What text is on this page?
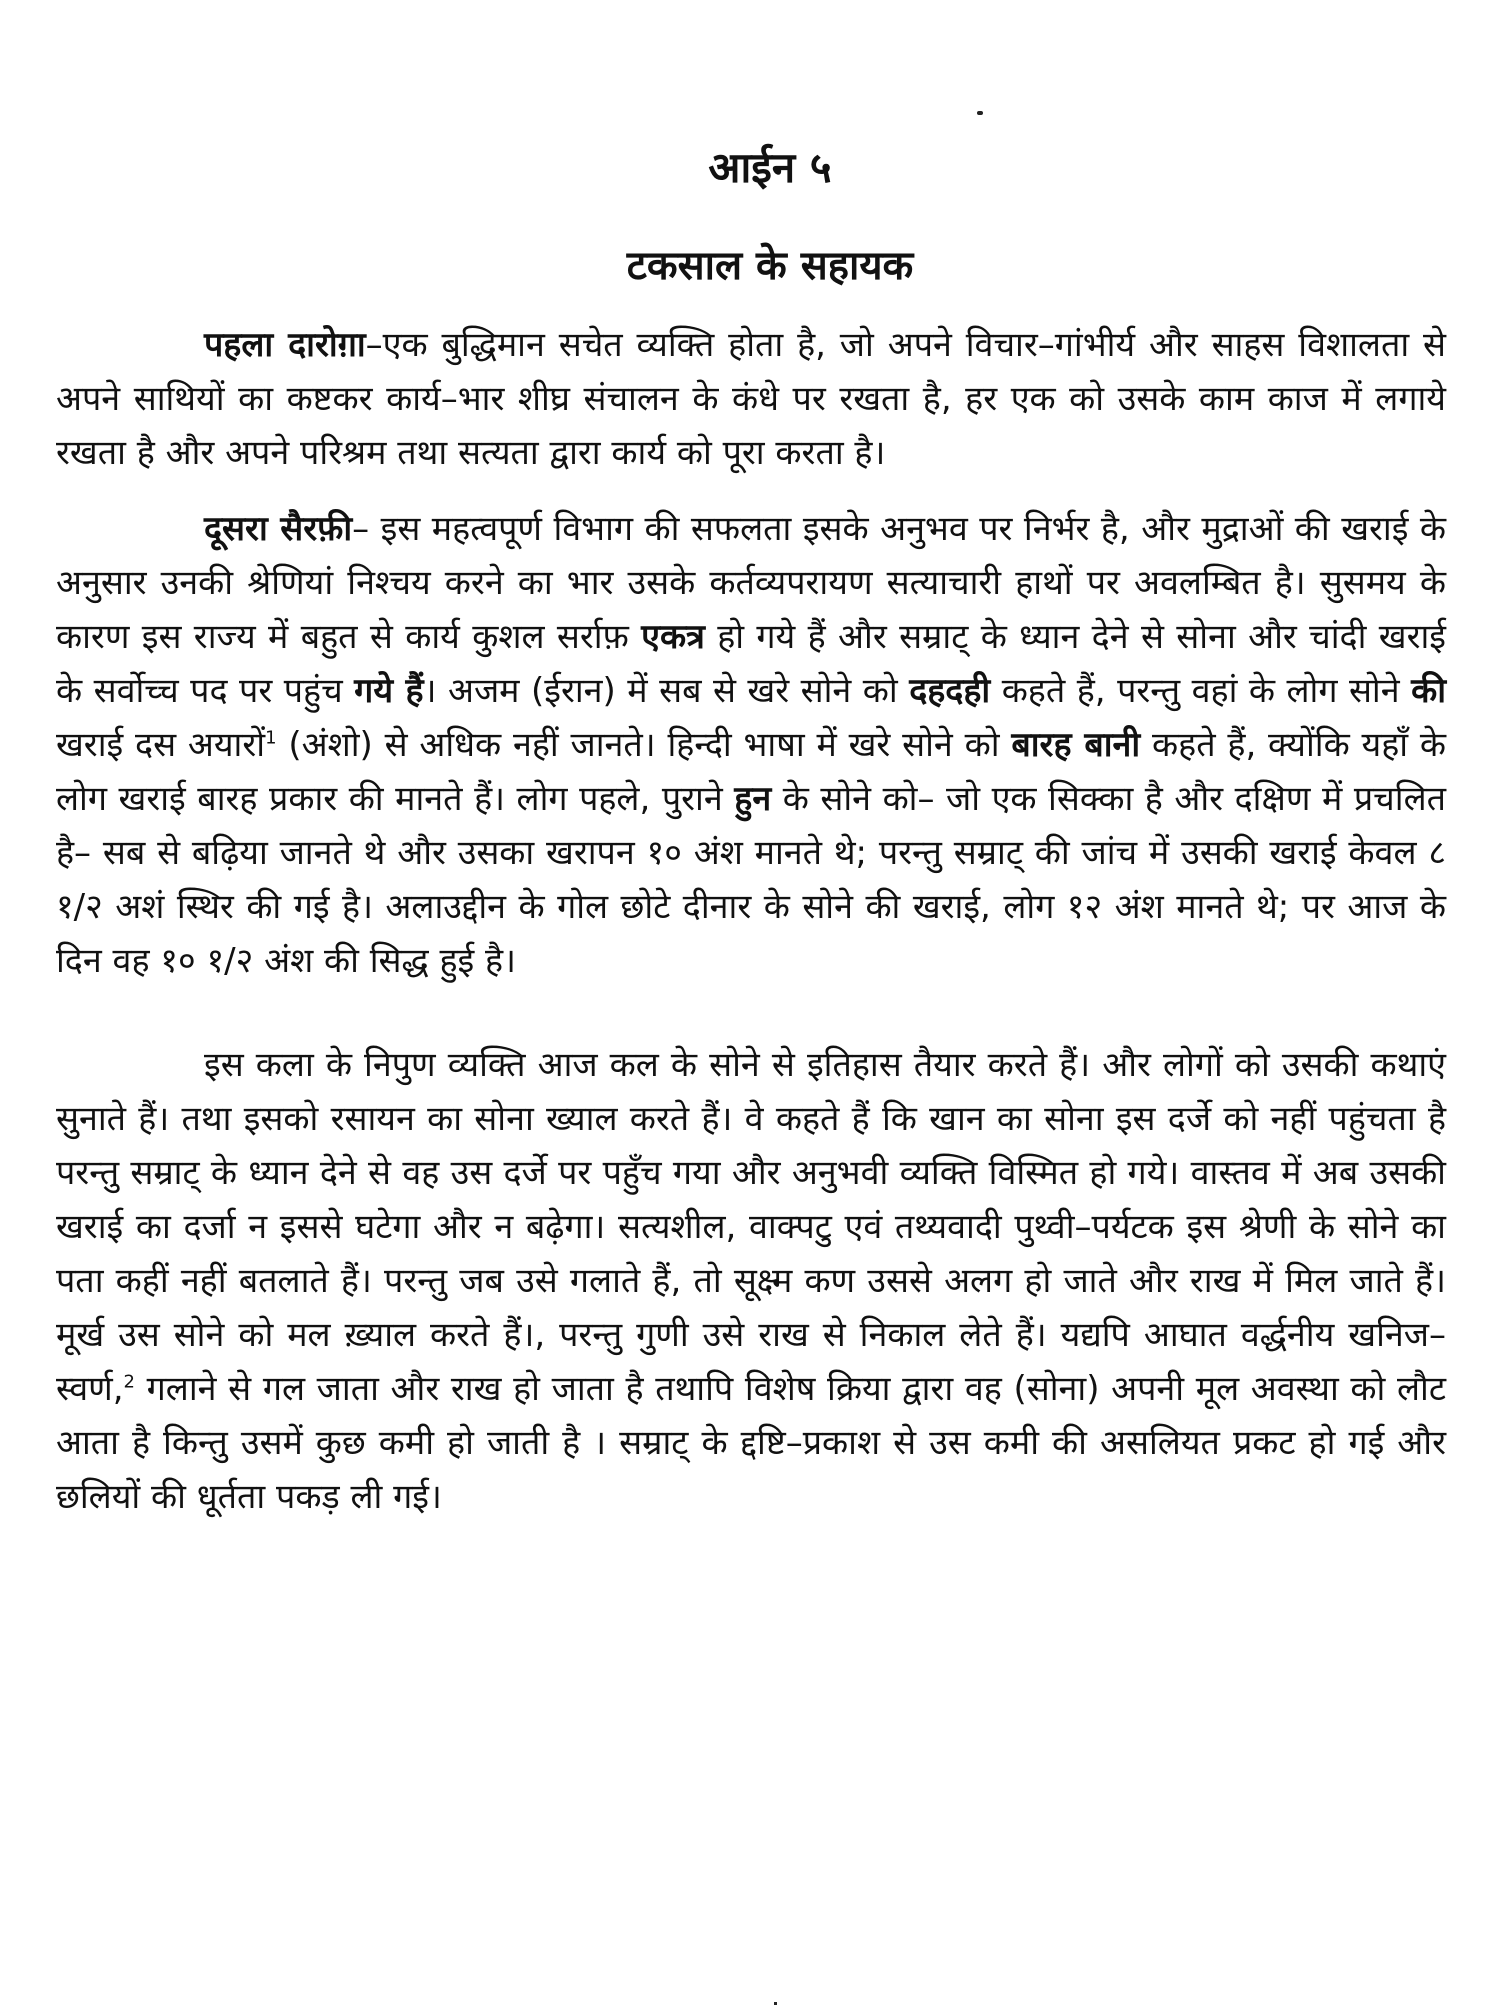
आईन ५
टकसाल के सहायक

पहला दारोग़ा–एक बुद्धिमान सचेत व्यक्ति होता है, जो अपने विचार–गांभीर्य और साहस विशालता से अपने साथियों का कष्टकर कार्य–भार शीघ्र संचालन के कंधे पर रखता है, हर एक को उसके काम काज में लगाये रखता है और अपने परिश्रम तथा सत्यता द्वारा कार्य को पूरा करता है।

दूसरा सैरफ़ी– इस महत्वपूर्ण विभाग की सफलता इसके अनुभव पर निर्भर है, और मुद्राओं की खराई के अनुसार उनकी श्रेणियां निश्चय करने का भार उसके कर्तव्यपरायण सत्याचारी हाथों पर अवलम्बित है। सुसमय के कारण इस राज्य में बहुत से कार्य कुशल सर्राफ़ एकत्र हो गये हैं और सम्राट् के ध्यान देने से सोना और चांदी खराई के सर्वोच्च पद पर पहुंच गये हैं। अजम (ईरान) में सब से खरे सोने को दहदही कहते हैं, परन्तु वहां के लोग सोने की खराई दस अयारों$^1$ (अंशो) से अधिक नहीं जानते। हिन्दी भाषा में खरे सोने को बारह बानी कहते हैं, क्योंकि यहाँ के लोग खराई बारह प्रकार की मानते हैं। लोग पहले, पुराने हुन के सोने को– जो एक सिक्का है और दक्षिण में प्रचलित है– सब से बढ़िया जानते थे और उसका खरापन १० अंश मानते थे; परन्तु सम्राट् की जांच में उसकी खराई केवल ८ १/२ अशं स्थिर की गई है। अलाउद्दीन के गोल छोटे दीनार के सोने की खराई, लोग १२ अंश मानते थे; पर आज के दिन वह १० १/२ अंश की सिद्ध हुई है।

इस कला के निपुण व्यक्ति आज कल के सोने से इतिहास तैयार करते हैं। और लोगों को उसकी कथाएं सुनाते हैं। तथा इसको रसायन का सोना ख्याल करते हैं। वे कहते हैं कि खान का सोना इस दर्जे को नहीं पहुंचता है परन्तु सम्राट् के ध्यान देने से वह उस दर्जे पर पहुँच गया और अनुभवी व्यक्ति विस्मित हो गये। वास्तव में अब उसकी खराई का दर्जा न इससे घटेगा और न बढ़ेगा। सत्यशील, वाक्पटु एवं तथ्यवादी पुथ्वी–पर्यटक इस श्रेणी के सोने का पता कहीं नहीं बतलाते हैं। परन्तु जब उसे गलाते हैं, तो सूक्ष्म कण उससे अलग हो जाते और राख में मिल जाते हैं। मूर्ख उस सोने को मल ख़्याल करते हैं।, परन्तु गुणी उसे राख से निकाल लेते हैं। यद्यपि आघात वर्द्धनीय खनिज–स्वर्ण,$^2$ गलाने से गल जाता और राख हो जाता है तथापि विशेष क्रिया द्वारा वह (सोना) अपनी मूल अवस्था को लौट आता है किन्तु उसमें कुछ कमी हो जाती है । सम्राट् के द्दष्टि–प्रकाश से उस कमी की असलियत प्रकट हो गई और छलियों की धूर्तता पकड़ ली गई।
